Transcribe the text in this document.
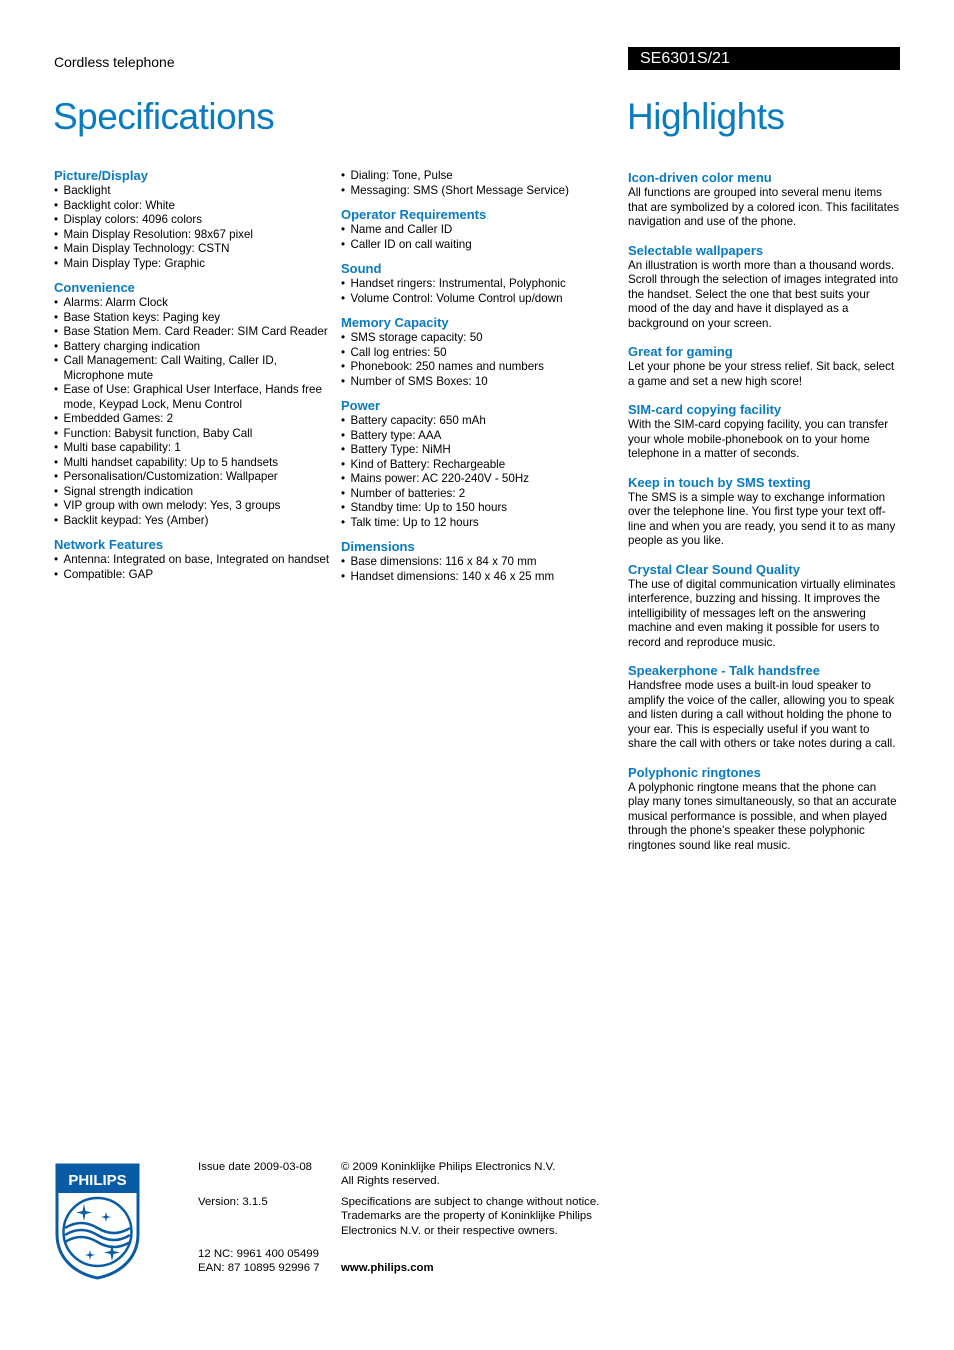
Cordless telephone	SE6301S/21
Specifications	Highlights
Picture/Display
• Backlight
• Backlight color: White
• Display colors: 4096 colors
• Main Display Resolution: 98x67 pixel
• Main Display Technology: CSTN
• Main Display Type: Graphic
Convenience
• Alarms: Alarm Clock
• Base Station keys: Paging key
• Base Station Mem. Card Reader: SIM Card Reader
• Battery charging indication
• Call Management: Call Waiting, Caller ID, Microphone mute
• Ease of Use: Graphical User Interface, Hands free mode, Keypad Lock, Menu Control
• Embedded Games: 2
• Function: Babysit function, Baby Call
• Multi base capability: 1
• Multi handset capability: Up to 5 handsets
• Personalisation/Customization: Wallpaper
• Signal strength indication
• VIP group with own melody: Yes, 3 groups
• Backlit keypad: Yes (Amber)
Network Features
• Antenna: Integrated on base, Integrated on handset
• Compatible: GAP
• Dialing: Tone, Pulse
• Messaging: SMS (Short Message Service)
Operator Requirements
• Name and Caller ID
• Caller ID on call waiting
Sound
• Handset ringers: Instrumental, Polyphonic
• Volume Control: Volume Control up/down
Memory Capacity
• SMS storage capacity: 50
• Call log entries: 50
• Phonebook: 250 names and numbers
• Number of SMS Boxes: 10
Power
• Battery capacity: 650 mAh
• Battery type: AAA
• Battery Type: NiMH
• Kind of Battery: Rechargeable
• Mains power: AC 220-240V - 50Hz
• Number of batteries: 2
• Standby time: Up to 150 hours
• Talk time: Up to 12 hours
Dimensions
• Base dimensions: 116 x 84 x 70 mm
• Handset dimensions: 140 x 46 x 25 mm
Icon-driven color menu

All functions are grouped into several menu items that are symbolized by a colored icon. This facilitates navigation and use of the phone.

Selectable wallpapers

An illustration is worth more than a thousand words. Scroll through the selection of images integrated into the handset. Select the one that best suits your mood of the day and have it displayed as a background on your screen.

Great for gaming

Let your phone be your stress relief. Sit back, select a game and set a new high score!

SIM-card copying facility

With the SIM-card copying facility, you can transfer your whole mobile-phonebook on to your home telephone in a matter of seconds.

Keep in touch by SMS texting

The SMS is a simple way to exchange information over the telephone line. You first type your text off-line and when you are ready, you send it to as many people as you like.

Crystal Clear Sound Quality

The use of digital communication virtually eliminates interference, buzzing and hissing. It improves the intelligibility of messages left on the answering machine and even making it possible for users to record and reproduce music.

Speakerphone - Talk handsfree

Handsfree mode uses a built-in loud speaker to amplify the voice of the caller, allowing you to speak and listen during a call without holding the phone to your ear. This is especially useful if you want to share the call with others or take notes during a call.

Polyphonic ringtones

A polyphonic ringtone means that the phone can play many tones simultaneously, so that an accurate musical performance is possible, and when played through the phone's speaker these polyphonic ringtones sound like real music.

PHILIPS
Issue date 2009-03-08
Version: 3.1.5
12 NC: 9961 400 05499
EAN: 87 10895 92996 7
© 2009 Koninklijke Philips Electronics N.V.
All Rights reserved.
Specifications are subject to change without notice. Trademarks are the property of Koninklijke Philips Electronics N.V. or their respective owners.
www.philips.com
